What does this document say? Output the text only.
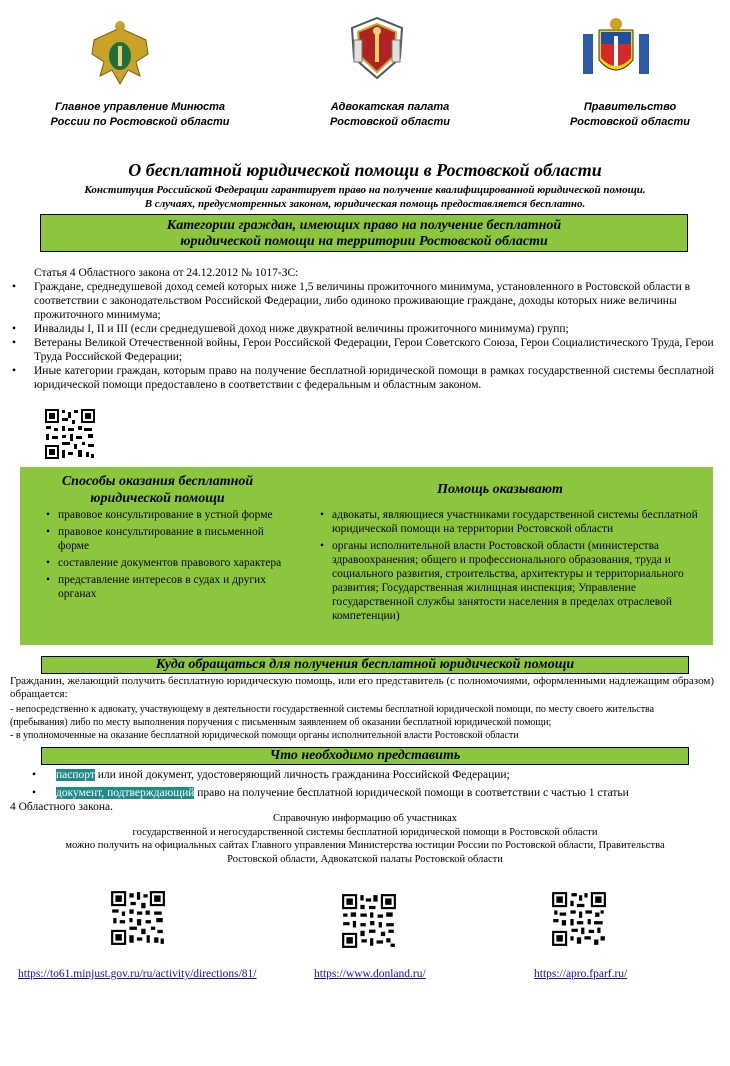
Главное управление Минюста
России по Ростовской области
Адвокатская палата
Ростовской области
Правительство
Ростовской области
О бесплатной юридической помощи в Ростовской области
Конституция Российской Федерации гарантирует право на получение квалифицированной юридической помощи.
В случаях, предусмотренных законом, юридическая помощь предоставляется бесплатно.
Категории граждан, имеющих право на получение бесплатной
юридической помощи на территории Ростовской области
Статья 4 Областного закона от 24.12.2012 № 1017-ЗС:
• Граждане, среднедушевой доход семей которых ниже 1,5 величины прожиточного минимума, установленного в Ростовской области в соответствии с законодательством Российской Федерации, либо одиноко проживающие граждане, доходы которых ниже величины прожиточного минимума;
• Инвалиды I, II и III (если среднедушевой доход ниже двукратной величины прожиточного минимума) групп;
• Ветераны Великой Отечественной войны, Герои Российской Федерации, Герои Советского Союза, Герои Социалистического Труда, Герои Труда Российской Федерации;
• Иные категории граждан, которым право на получение бесплатной юридической помощи в рамках государственной системы бесплатной юридической помощи предоставлено в соответствии с федеральным и областным законом.
Способы оказания бесплатной
юридической помощи
• правовое консультирование в устной форме
• правовое консультирование в письменной форме
• составление документов правового характера
• представление интересов в судах и других органах
Помощь оказывают
• адвокаты, являющиеся участниками государственной системы бесплатной юридической помощи на территории Ростовской области
• органы исполнительной власти Ростовской области (министерства здравоохранения; общего и профессионального образования, труда и социального развития, строительства, архитектуры и территориального развития; Государственная жилищная инспекция; Управление государственной службы занятости населения в пределах отраслевой компетенции)
Куда обращаться для получения бесплатной юридической помощи
Гражданин, желающий получить бесплатную юридическую помощь, или его представитель (с полномочиями, оформленными надлежащим образом) обращается:
- непосредственно к адвокату, участвующему в деятельности государственной системы бесплатной юридической помощи, по месту своего жительства (пребывания) либо по месту выполнения поручения с письменным заявлением об оказании бесплатной юридической помощи;
- в уполномоченные на оказание бесплатной юридической помощи органы исполнительной власти Ростовской области
Что необходимо представить
• паспорт или иной документ, удостоверяющий личность гражданина Российской Федерации;
• документ, подтверждающий право на получение бесплатной юридической помощи в соответствии с частью 1 статьи
4 Областного закона.
Справочную информацию об участниках
государственной и негосударственной системы бесплатной юридической помощи в Ростовской области
можно получить на официальных сайтах Главного управления Министерства юстиции России по Ростовской области, Правительства
Ростовской области, Адвокатской палаты Ростовской области
https://to61.minjust.gov.ru/ru/activity/directions/81/	https://www.donland.ru/	https://apro.fparf.ru/
